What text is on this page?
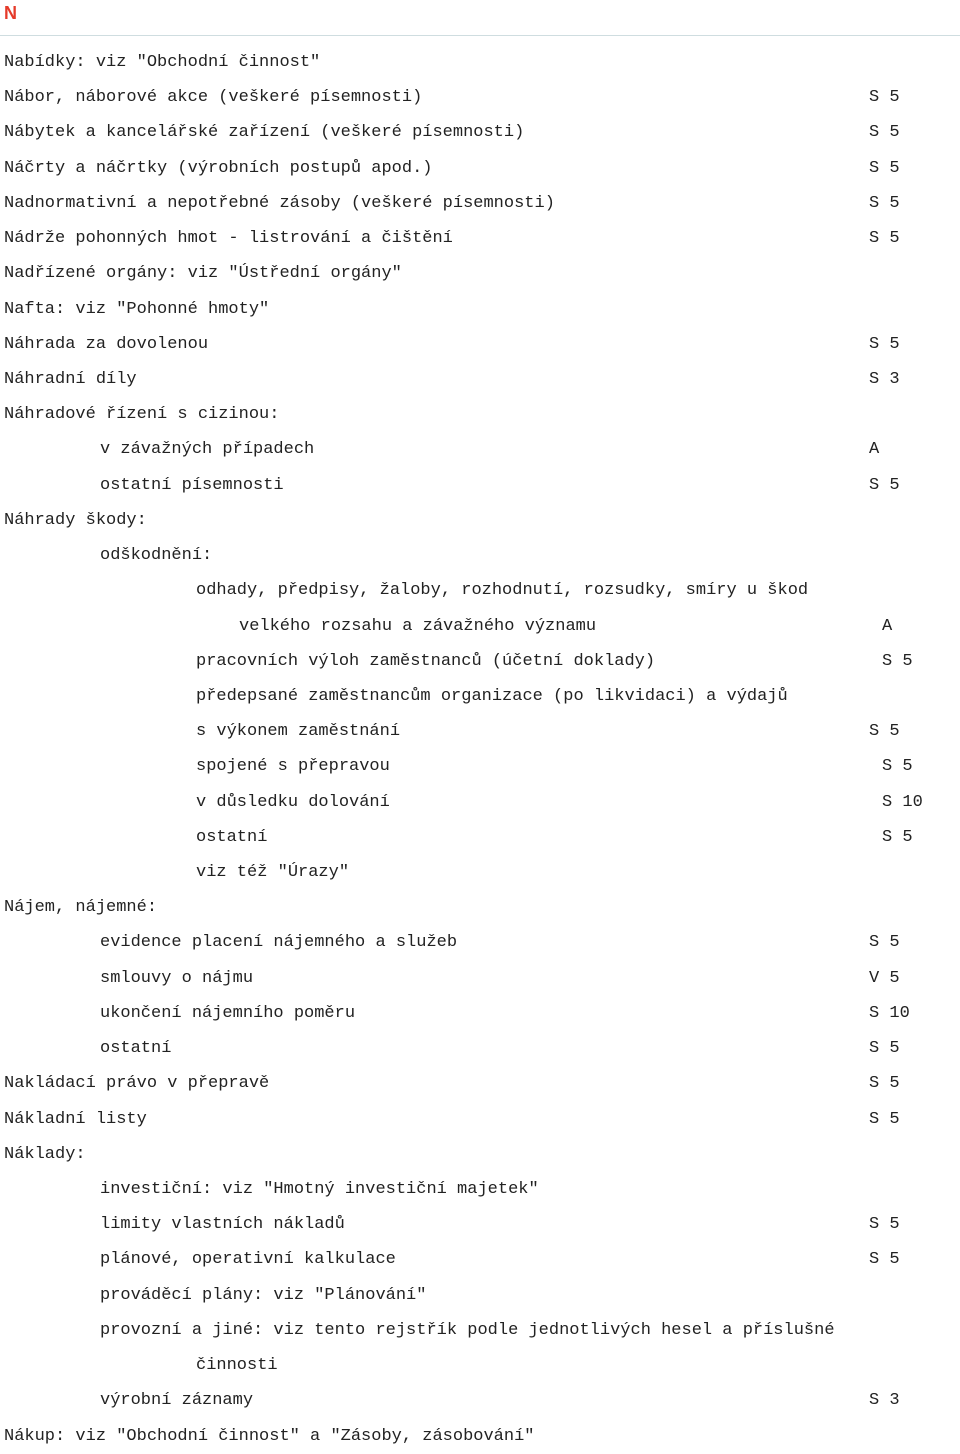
N
Nabídky: viz "Obchodní činnost"
Nábor, náborové akce (veškeré písemnosti)	S 5
Nábytek a kancelářské zařízení (veškeré písemnosti)	S 5
Náčrty a náčrtky (výrobních postupů apod.)	S 5
Nadnormativní a nepotřebné zásoby (veškeré písemnosti)	S 5
Nádrže pohonných hmot - listrování a čištění	S 5
Nadřízené orgány: viz "Ústřední orgány"
Nafta: viz "Pohonné hmoty"
Náhrada za dovolenou	S 5
Náhradní díly	S 3
Náhradové řízení s cizinou:
v závažných případech	A
ostatní písemnosti	S 5
Náhrady škody:
odškodnění:
odhady, předpisy, žaloby, rozhodnutí, rozsudky, smíry u škod
velkého rozsahu a závažného významu	A
pracovních výloh zaměstnanců (účetní doklady)	S 5
předepsané zaměstnancům organizace (po likvidaci) a výdajů
s výkonem zaměstnání	S 5
spojené s přepravou	S 5
v důsledku dolování	S 10
ostatní	S 5
viz též "Úrazy"
Nájem, nájemné:
evidence placení nájemného a služeb	S 5
smlouvy o nájmu	V 5
ukončení nájemního poměru	S 10
ostatní	S 5
Nakládací právo v přepravě	S 5
Nákladní listy	S 5
Náklady:
investiční: viz "Hmotný investiční majetek"
limity vlastních nákladů	S 5
plánové, operativní kalkulace	S 5
prováděcí plány: viz "Plánování"
provozní a jiné: viz tento rejstřík podle jednotlivých hesel a příslušné
činnosti
výrobní záznamy	S 3
Nákup: viz "Obchodní činnost" a "Zásoby, zásobování"
